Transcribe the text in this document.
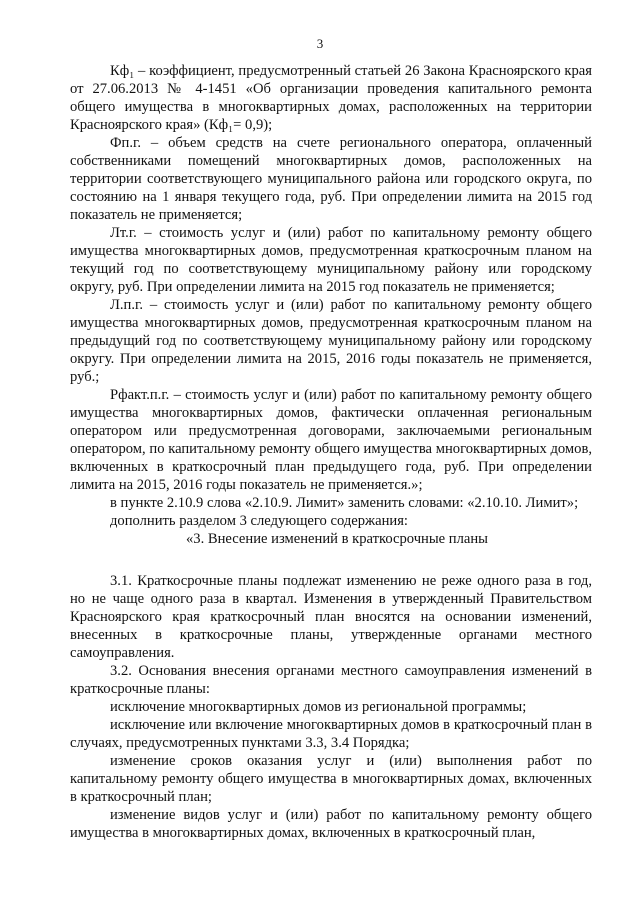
3

Кф₁ – коэффициент, предусмотренный статьей 26 Закона Красноярского края от 27.06.2013 № 4-1451 «Об организации проведения капитального ремонта общего имущества в многоквартирных домах, расположенных на территории Красноярского края» (Кф₁= 0,9);

Фп.г. – объем средств на счете регионального оператора, оплаченный собственниками помещений многоквартирных домов, расположенных на территории соответствующего муниципального района или городского округа, по состоянию на 1 января текущего года, руб. При определении лимита на 2015 год показатель не применяется;

Лт.г. – стоимость услуг и (или) работ по капитальному ремонту общего имущества многоквартирных домов, предусмотренная краткосрочным планом на текущий год по соответствующему муниципальному району или городскому округу, руб. При определении лимита на 2015 год показатель не применяется;

Л.п.г. – стоимость услуг и (или) работ по капитальному ремонту общего имущества многоквартирных домов, предусмотренная краткосрочным планом на предыдущий год по соответствующему муниципальному району или городскому округу. При определении лимита на 2015, 2016 годы показатель не применяется, руб.;

Рфакт.п.г. – стоимость услуг и (или) работ по капитальному ремонту общего имущества многоквартирных домов, фактически оплаченная региональным оператором или предусмотренная договорами, заключаемыми региональным оператором, по капитальному ремонту общего имущества многоквартирных домов, включенных в краткосрочный план предыдущего года, руб. При определении лимита на 2015, 2016 годы показатель не применяется.»;

в пункте 2.10.9 слова «2.10.9. Лимит» заменить словами: «2.10.10. Лимит»;

дополнить разделом 3 следующего содержания:

«3. Внесение изменений в краткосрочные планы

3.1. Краткосрочные планы подлежат изменению не реже одного раза в год, но не чаще одного раза в квартал. Изменения в утвержденный Правительством Красноярского края краткосрочный план вносятся на основании изменений, внесенных в краткосрочные планы, утвержденные органами местного самоуправления.

3.2. Основания внесения органами местного самоуправления изменений в краткосрочные планы:

исключение многоквартирных домов из региональной программы;

исключение или включение многоквартирных домов в краткосрочный план в случаях, предусмотренных пунктами 3.3, 3.4 Порядка;

изменение сроков оказания услуг и (или) выполнения работ по капитальному ремонту общего имущества в многоквартирных домах, включенных в краткосрочный план;

изменение видов услуг и (или) работ по капитальному ремонту общего имущества в многоквартирных домах, включенных в краткосрочный план,
